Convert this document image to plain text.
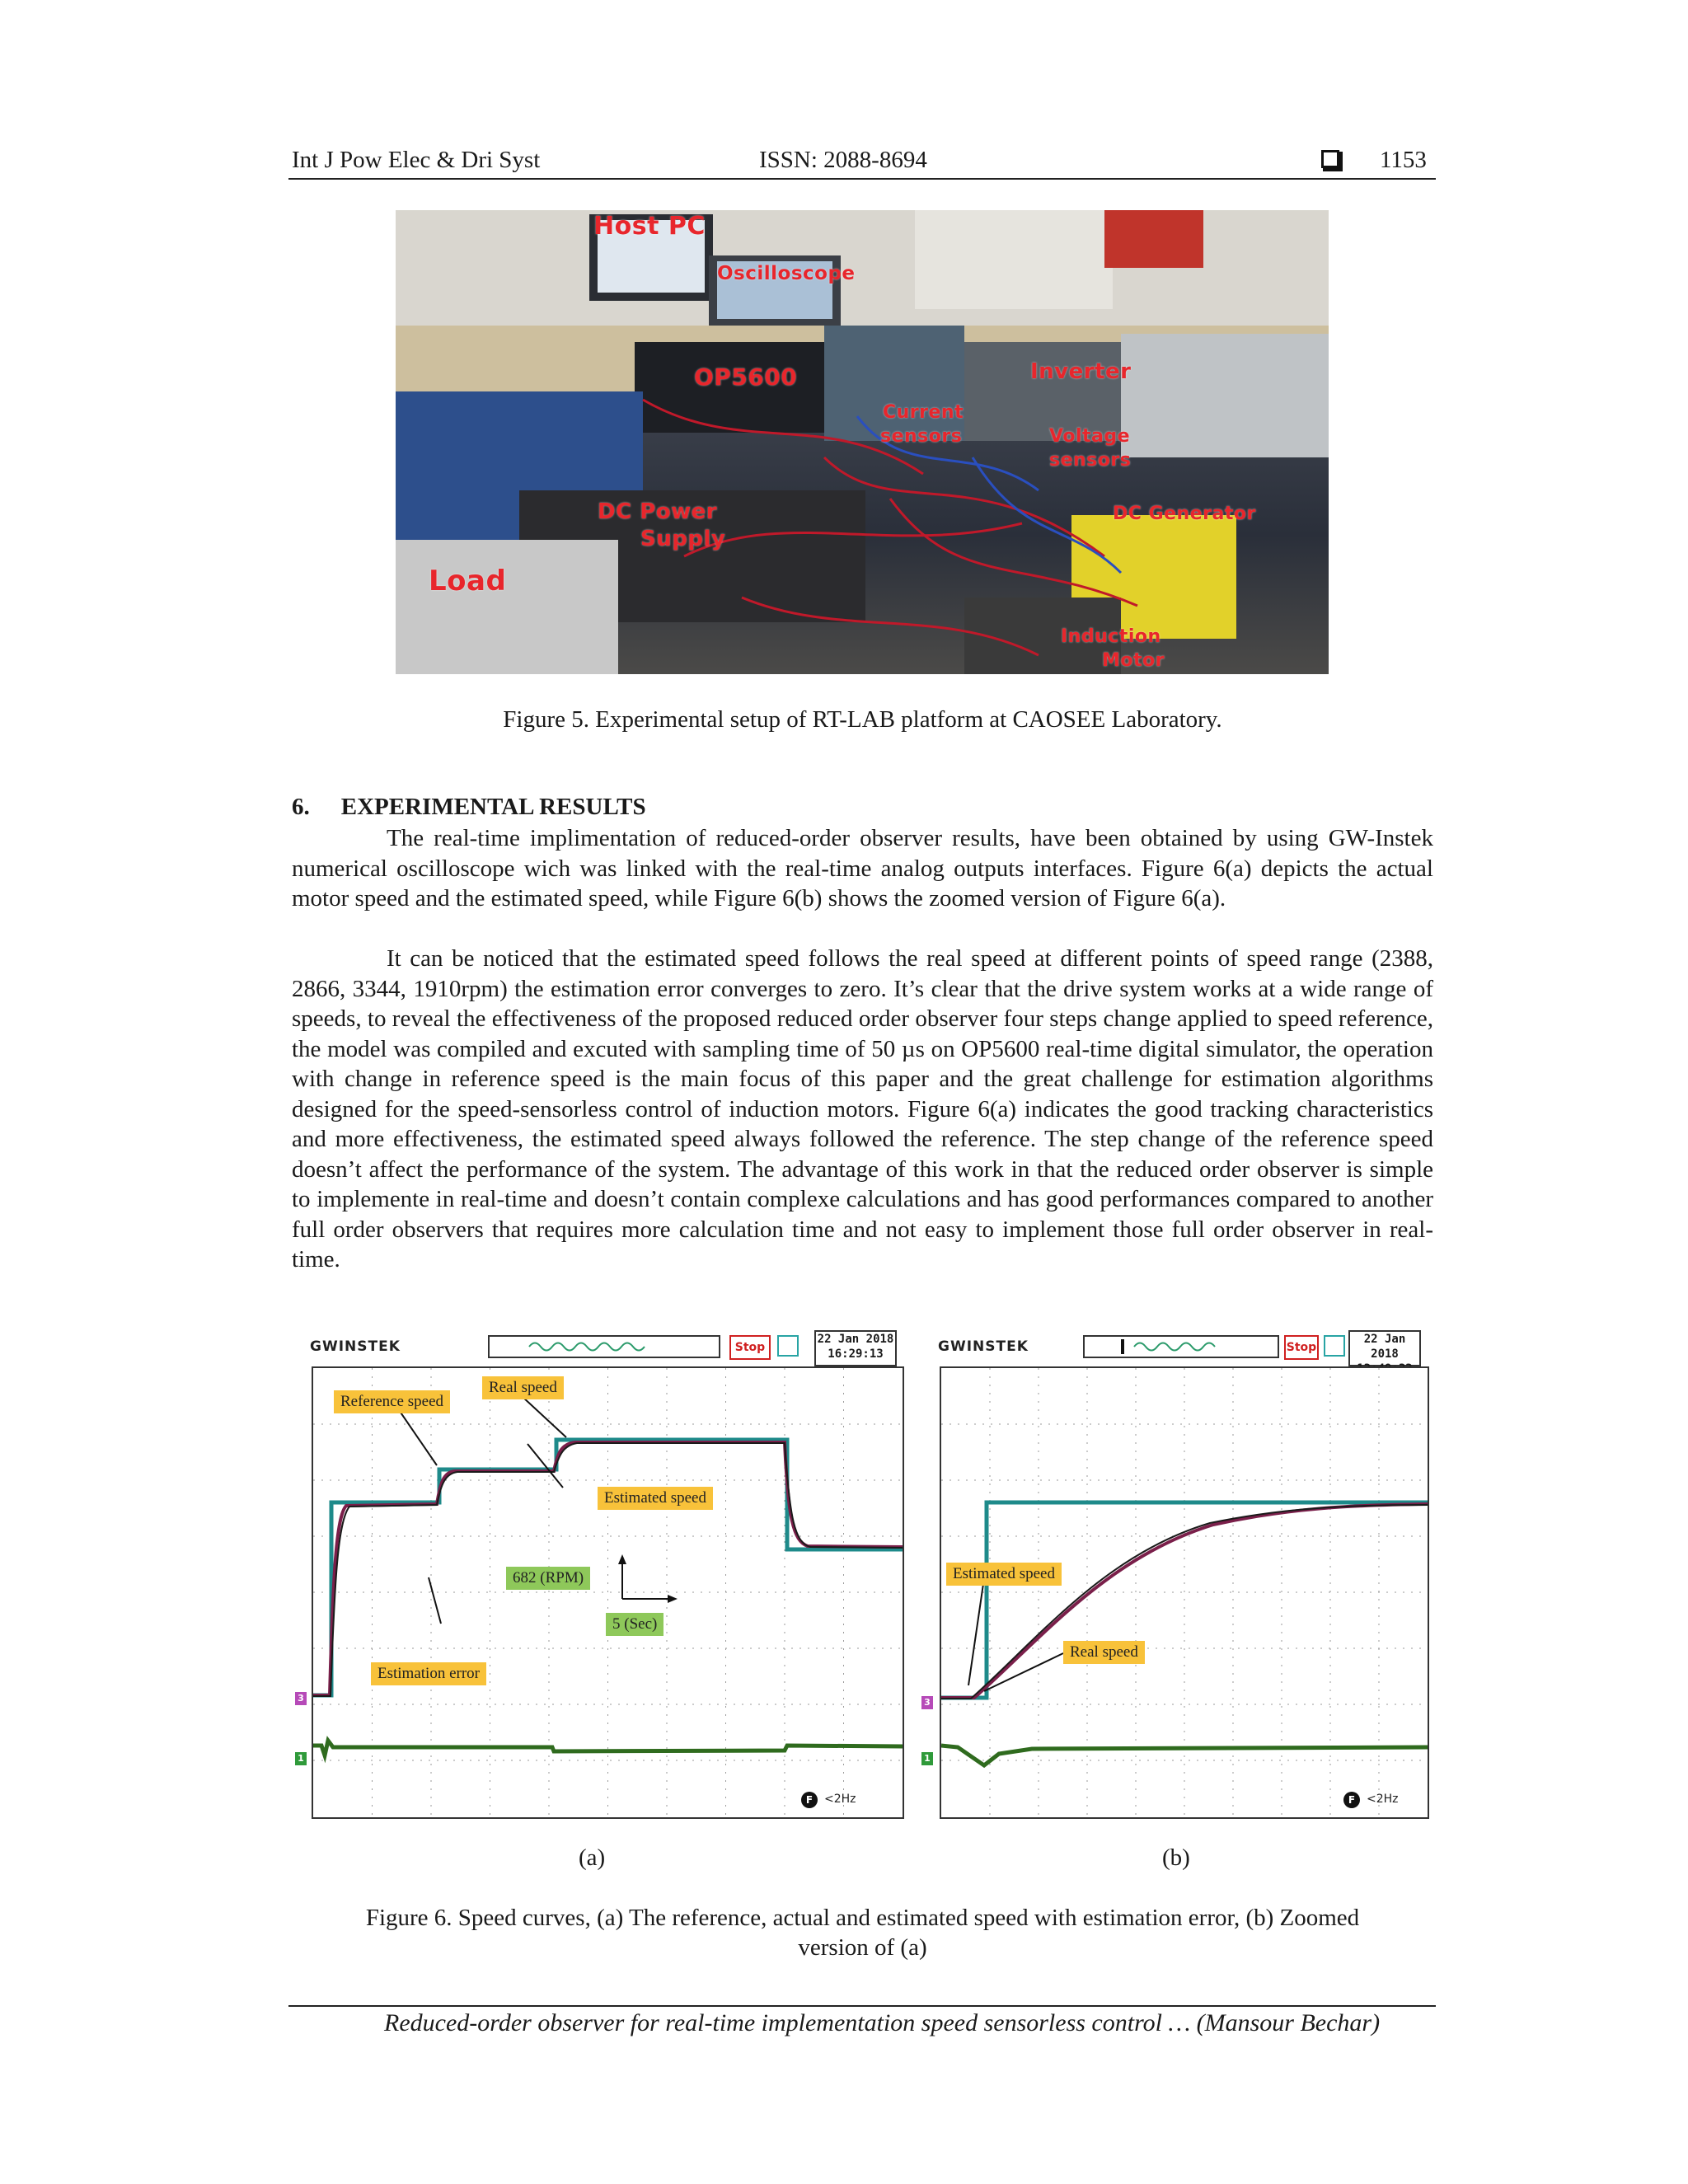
Int J Pow Elec & Dri Syst	ISSN: 2088-8694	1153
Host PC
Oscilloscope
OP5600	Inverter
Current
sensors	Voltage
sensors
DC Power
Supply
DC Generator
Load
Induction
Motor
Figure 5. Experimental setup of RT-LAB platform at CAOSEE Laboratory.
6. EXPERIMENTAL RESULTS

The real-time implimentation of reduced-order observer results, have been obtained by using GW-Instek numerical oscilloscope wich was linked with the real-time analog outputs interfaces. Figure 6(a) depicts the actual motor speed and the estimated speed, while Figure 6(b) shows the zoomed version of Figure 6(a).

It can be noticed that the estimated speed follows the real speed at different points of speed range (2388, 2866, 3344, 1910rpm) the estimation error converges to zero. It’s clear that the drive system works at a wide range of speeds, to reveal the effectiveness of the proposed reduced order observer four steps change applied to speed reference, the model was compiled and excuted with sampling time of 50 µs on OP5600 real-time digital simulator, the operation with change in reference speed is the main focus of this paper and the great challenge for estimation algorithms designed for the speed-sensorless control of induction motors. Figure 6(a) indicates the good tracking characteristics and more effectiveness, the estimated speed always followed the reference. The step change of the reference speed doesn’t affect the performance of the system. The advantage of this work in that the reduced order observer is simple to implemente in real-time and doesn’t contain complexe calculations and has good performances compared to another full order observers that requires more calculation time and not easy to implement those full order observer in real-time.

GWINSTEK	Stop
22 Jan 2018
16:29:13
Reference speed
Real speed
Estimated speed
Estimation error
682 (RPM)
5 (Sec)
F <2Hz
3
1
GWINSTEK	Stop
22 Jan 2018
Estimated speed
Real speed
F <2Hz
3
1
(a)	(b)
Figure 6. Speed curves, (a) The reference, actual and estimated speed with estimation error, (b) Zoomed
version of (a)
Reduced-order observer for real-time implementation speed sensorless control … (Mansour Bechar)
